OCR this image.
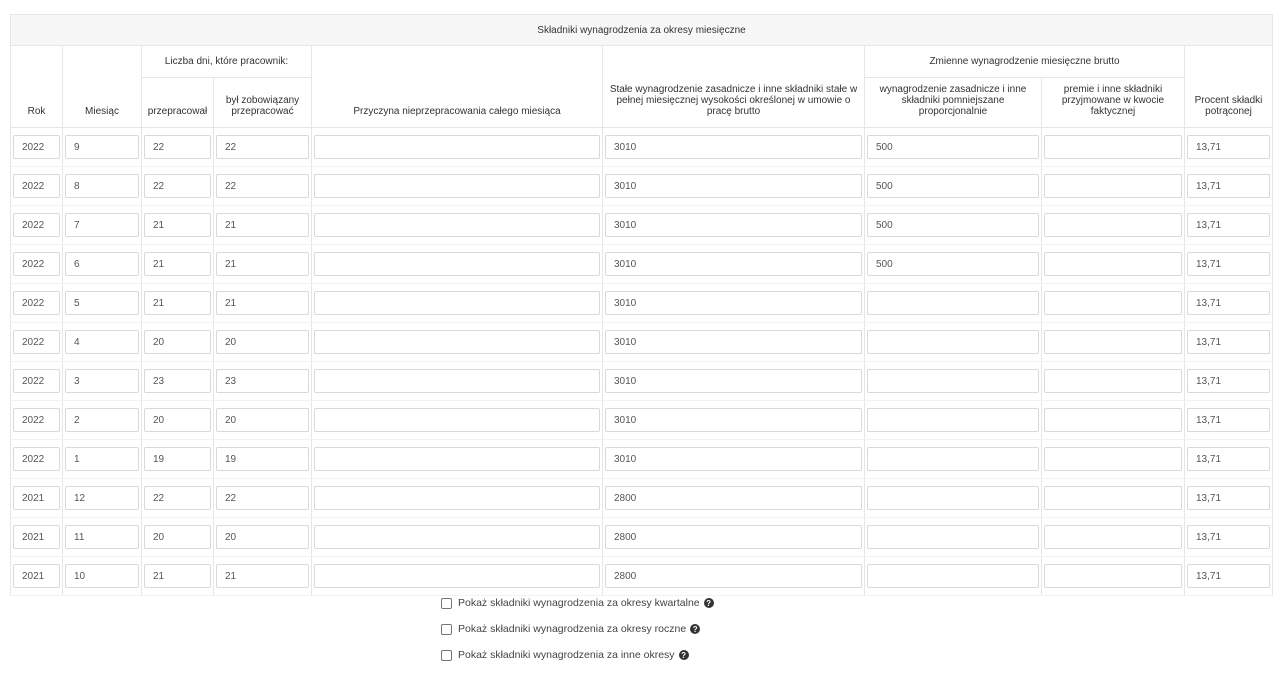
Składniki wynagrodzenia za okresy miesięczne								
Rok	Miesiąc	Liczba dni, które pracownik:		Przyczyna nieprzepracowania całego miesiąca	Stałe wynagrodzenie zasadnicze i inne składniki stałe w pełnej miesięcznej wysokości określonej w umowie o pracę brutto	Zmienne wynagrodzenie miesięczne brutto		Procent składki potrąconej
		przepracował	był zobowiązany przepracować			wynagrodzenie zasadnicze i inne składniki pomniejszane proporcjonalnie	premie i inne składniki przyjmowane w kwocie faktycznej	

2022	9	22	22		3010	500		13,71

2022	8	22	22		3010	500		13,71

2022	7	21	21		3010	500		13,71

2022	6	21	21		3010	500		13,71

2022	5	21	21		3010			13,71

2022	4	20	20		3010			13,71

2022	3	23	23		3010			13,71

2022	2	20	20		3010			13,71

2022	1	19	19		3010			13,71

2021	12	22	22		2800			13,71

2021	11	20	20		2800			13,71

2021	10	21	21		2800			13,71
Pokaż składniki wynagrodzenia za okresy kwartalne ?
Pokaż składniki wynagrodzenia za okresy roczne ?
Pokaż składniki wynagrodzenia za inne okresy ?
